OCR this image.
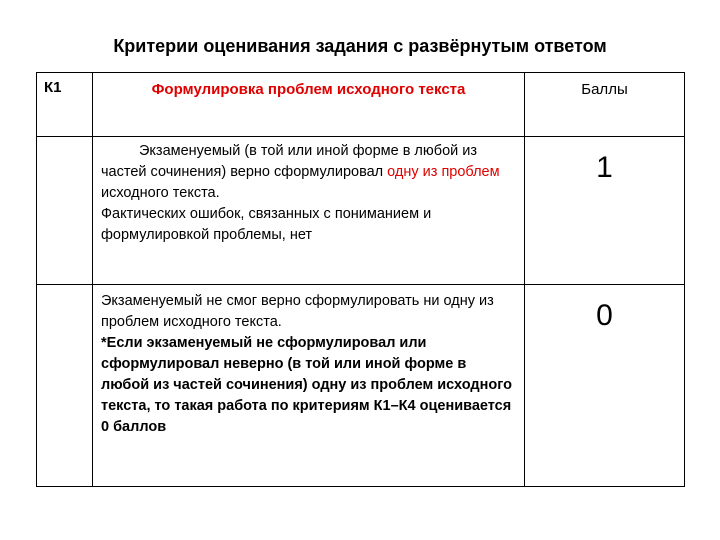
Критерии оценивания задания с развёрнутым ответом
К1	Формулировка проблем исходного текста	Баллы
	Экзаменуемый (в той или иной форме в любой из частей сочинения) верно сформулировал одну из проблем исходного текста.
Фактических ошибок, связанных с пониманием и формулировкой проблемы, нет	1
	Экзаменуемый не смог верно сформулировать ни одну из проблем исходного текста.
*Если экзаменуемый не сформулировал или сформулировал неверно (в той или иной форме в любой из частей сочинения) одну из проблем исходного текста, то такая работа по критериям К1–К4 оценивается 0 баллов	0
